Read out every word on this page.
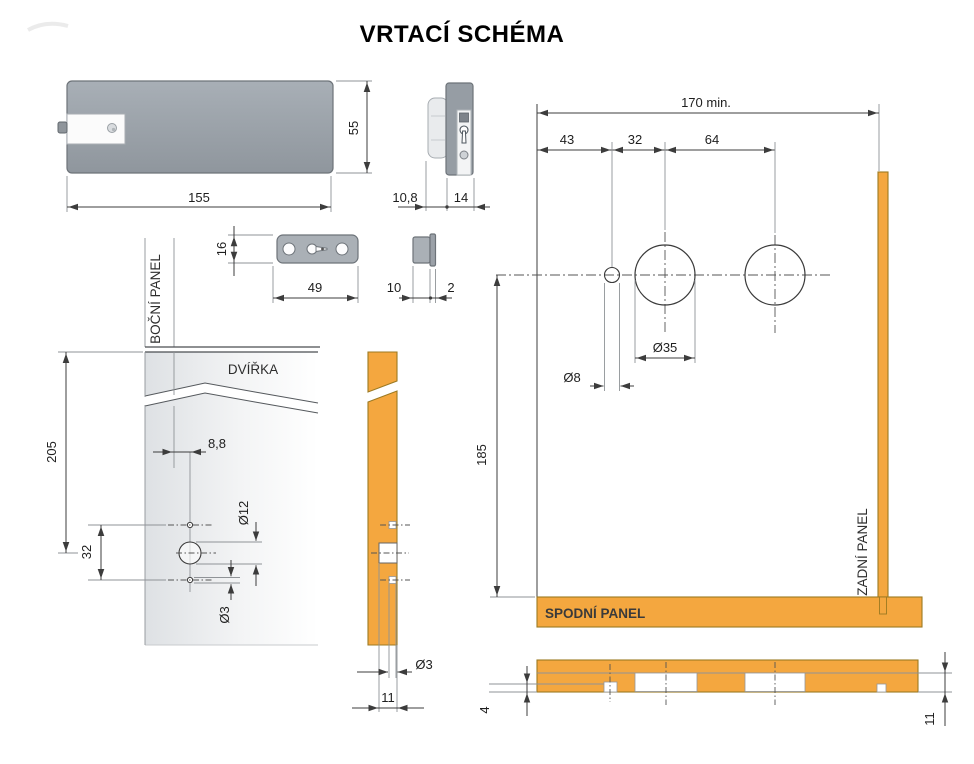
VRTACÍ SCHÉMA
155
55
10,8	14
16
49	10	2
BOČNÍ PANEL
DVÍŘKA
8,8
205
32
Ø12
Ø3
Ø3
11
170 min.
43	32	64
Ø35
Ø8
185
ZADNÍ PANEL
SPODNÍ PANEL
4
11
